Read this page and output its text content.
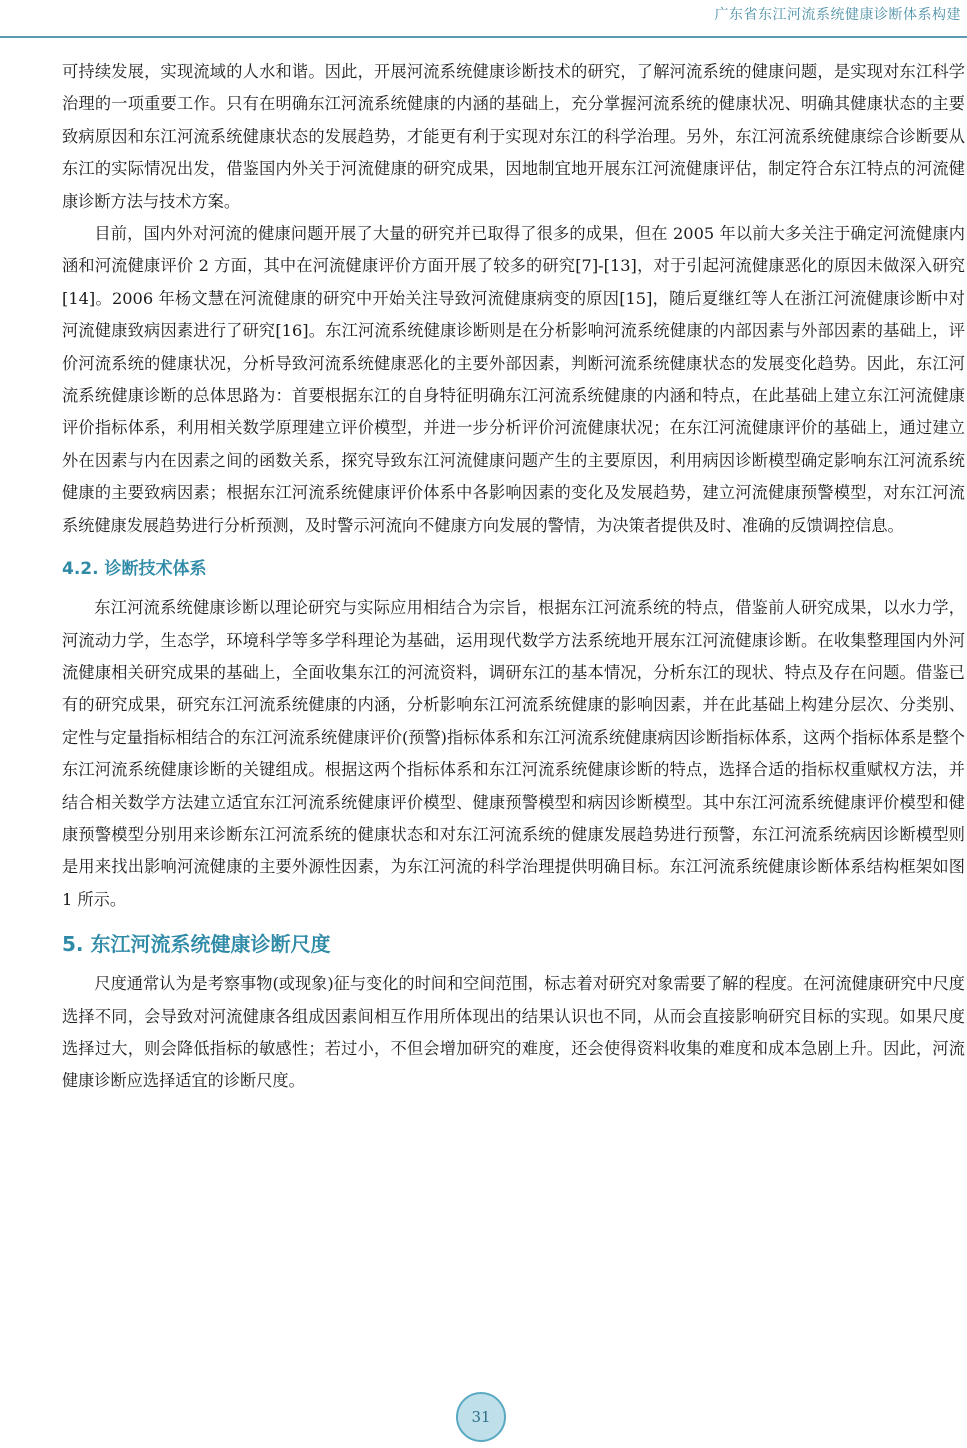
广东省东江河流系统健康诊断体系构建

可持续发展，实现流域的人水和谐。因此，开展河流系统健康诊断技术的研究，了解河流系统的健康问题，是实现对东江科学治理的一项重要工作。只有在明确东江河流系统健康的内涵的基础上，充分掌握河流系统的健康状况、明确其健康状态的主要致病原因和东江河流系统健康状态的发展趋势，才能更有利于实现对东江的科学治理。另外，东江河流系统健康综合诊断要从东江的实际情况出发，借鉴国内外关于河流健康的研究成果，因地制宜地开展东江河流健康评估，制定符合东江特点的河流健康诊断方法与技术方案。

目前，国内外对河流的健康问题开展了大量的研究并已取得了很多的成果，但在 2005 年以前大多关注于确定河流健康内涵和河流健康评价 2 方面，其中在河流健康评价方面开展了较多的研究[7]-[13]，对于引起河流健康恶化的原因未做深入研究[14]。2006 年杨文慧在河流健康的研究中开始关注导致河流健康病变的原因[15]，随后夏继红等人在浙江河流健康诊断中对河流健康致病因素进行了研究[16]。东江河流系统健康诊断则是在分析影响河流系统健康的内部因素与外部因素的基础上，评价河流系统的健康状况，分析导致河流系统健康恶化的主要外部因素，判断河流系统健康状态的发展变化趋势。因此，东江河流系统健康诊断的总体思路为：首要根据东江的自身特征明确东江河流系统健康的内涵和特点，在此基础上建立东江河流健康评价指标体系，利用相关数学原理建立评价模型，并进一步分析评价河流健康状况；在东江河流健康评价的基础上，通过建立外在因素与内在因素之间的函数关系，探究导致东江河流健康问题产生的主要原因，利用病因诊断模型确定影响东江河流系统健康的主要致病因素；根据东江河流系统健康评价体系中各影响因素的变化及发展趋势，建立河流健康预警模型，对东江河流系统健康发展趋势进行分析预测，及时警示河流向不健康方向发展的警情，为决策者提供及时、准确的反馈调控信息。

4.2. 诊断技术体系

东江河流系统健康诊断以理论研究与实际应用相结合为宗旨，根据东江河流系统的特点，借鉴前人研究成果，以水力学，河流动力学，生态学，环境科学等多学科理论为基础，运用现代数学方法系统地开展东江河流健康诊断。在收集整理国内外河流健康相关研究成果的基础上，全面收集东江的河流资料，调研东江的基本情况，分析东江的现状、特点及存在问题。借鉴已有的研究成果，研究东江河流系统健康的内涵，分析影响东江河流系统健康的影响因素，并在此基础上构建分层次、分类别、定性与定量指标相结合的东江河流系统健康评价(预警)指标体系和东江河流系统健康病因诊断指标体系，这两个指标体系是整个东江河流系统健康诊断的关键组成。根据这两个指标体系和东江河流系统健康诊断的特点，选择合适的指标权重赋权方法，并结合相关数学方法建立适宜东江河流系统健康评价模型、健康预警模型和病因诊断模型。其中东江河流系统健康评价模型和健康预警模型分别用来诊断东江河流系统的健康状态和对东江河流系统的健康发展趋势进行预警，东江河流系统病因诊断模型则是用来找出影响河流健康的主要外源性因素，为东江河流的科学治理提供明确目标。东江河流系统健康诊断体系结构框架如图 1 所示。

5. 东江河流系统健康诊断尺度

尺度通常认为是考察事物(或现象)征与变化的时间和空间范围，标志着对研究对象需要了解的程度。在河流健康研究中尺度选择不同，会导致对河流健康各组成因素间相互作用所体现出的结果认识也不同，从而会直接影响研究目标的实现。如果尺度选择过大，则会降低指标的敏感性；若过小，不但会增加研究的难度，还会使得资料收集的难度和成本急剧上升。因此，河流健康诊断应选择适宜的诊断尺度。

31
